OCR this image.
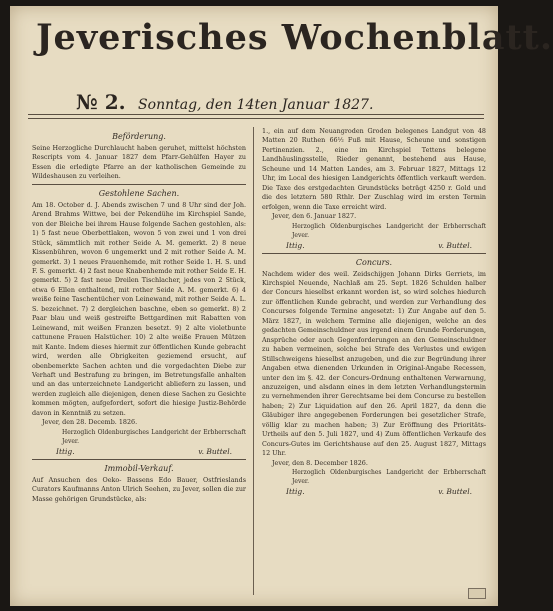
Jeverisches Wochenblatt.
№ 2. Sonntag, den 14ten Januar 1827.
Beförderung.

Seine Herzogliche Durchlaucht haben geruhet, mittelst höchsten Rescripts vom 4. Januar 1827 dem Pfarr-Gehülfen Hayer zu Essen die erledigte Pfarre an der katholischen Gemeinde zu Wildeshausen zu verleihen.

Gestohlene Sachen.

Am 18. October d. J. Abends zwischen 7 und 8 Uhr sind der Joh. Arend Brahms Wittwe, bei der Pekendühe im Kirchspiel Sande, von der Bleiche bei ihrem Hause folgende Sachen gestohlen, als: 1) 5 fast neue Oberbettlaken, wovon 5 von zwei und 1 von drei Stück, sämmtlich mit rother Seide A. M. gemerkt. 2) 8 neue Kissenbühren, wovon 6 ungemerkt und 2 mit rother Seide A. M. gemerkt. 3) 1 neues Frauenhemde, mit rother Seide 1. H. S. und F. S. gemerkt. 4) 2 fast neue Knabenhemde mit rother Seide E. H. gemerkt. 5) 2 fast neue Dreilen Tischlacher, jedes von 2 Stück, etwa 6 Ellen enthaltend, mit rother Seide A. M. gemerkt. 6) 4 weiße feine Taschentücher von Leinewand, mit rother Seide A. L. S. bezeichnet. 7) 2 dergleichen baschne, eben so gemerkt. 8) 2 Paar blau und weiß gestreifte Bettgardinen mit Rabatten von Leinewand, mit weißen Franzen besetzt. 9) 2 alte violetbunte cattunene Frauen Halstücher. 10) 2 alte weiße Frauen Mützen mit Kante. Indem dieses hiermit zur öffentlichen Kunde gebracht wird, werden alle Obrigkeiten geziemend ersucht, auf obenbemerkte Sachen achten und die vorgedachten Diebe zur Verhaft und Bestrafung zu bringen, im Betretungsfalle anhalten und an das unterzeichnete Landgericht abliefern zu lassen, und werden zugleich alle diejenigen, denen diese Sachen zu Gesichte kommen mögten, aufgefordert, sofort die hiesige Justiz-Behörde davon in Kenntniß zu setzen.

Jever, den 28. Decemb. 1826.

Herzoglich Oldenburgisches Landgericht der Erbherrschaft Jever.

Ittig.	v. Buttel.
Immobil-Verkauf.

Auf Ansuchen des Oeko- Bassens Edo Bauer, Ostfrieslands Curators Kaufmanns Anton Ulrich Seehen, zu Jever, sollen die zur Masse gehörigen Grundstücke, als:

1., ein auf dem Neuangroden Groden belegenes Landgut von 48 Matten 20 Ruthen 66½ Fuß mit Hause, Scheune und sonstigen Pertinenzien. 2., eine im Kirchspiel Tettens belegene Landhäuslingsstelle, Rieder genannt, bestehend aus Hause, Scheune und 14 Matten Landes, am 3. Februar 1827, Mittags 12 Uhr, im Local des hiesigen Landgerichts öffentlich verkauft werden. Die Taxe des erstgedachten Grundstücks beträgt 4250 r. Gold und die des letztern 580 Rthlr. Der Zuschlag wird im ersten Termin erfolgen, wenn die Taxe erreicht wird.

Jever, den 6. Januar 1827.

Herzoglich Oldenburgisches Landgericht der Erbherrschaft Jever.

Ittig.	v. Buttel.
Concurs.

Nachdem wider des weil. Zeidschijgen Johann Dirks Gerriets, im Kirchspiel Neuende, Nachlaß am 25. Sept. 1826 Schulden halber der Concurs hieselbst erkannt worden ist, so wird solches hiedurch zur öffentlichen Kunde gebracht, und werden zur Verhandlung des Concurses folgende Termine angesetzt: 1) Zur Angabe auf den 5. März 1827, in welchem Termine alle diejenigen, welche an des gedachten Gemeinschuldner aus irgend einem Grunde Forderungen, Ansprüche oder auch Gegenforderungen an den Gemeinschuldner zu haben vermeinen, solche bei Strafe des Verlustes und ewigen Stillschweigens hieselbst anzugeben, und die zur Begründung ihrer Angaben etwa dienenden Urkunden in Original-Angabe Recessen, unter den im §. 42. der Concurs-Ordnung enthaltenen Verwarnung, anzuzeigen, und alsdann eines in dem letzten Verhandlungstermin zu vernehmenden ihrer Gerechtsame bei dem Concurse zu bestellen haben; 2) Zur Liquidation auf den 26. April 1827, da denn die Gläubiger ihre angegebenen Forderungen bei gesetzlicher Strafe, völlig klar zu machen haben; 3) Zur Eröffnung des Prioritäts-Urtheils auf den 5. Juli 1827, und 4) Zum öffentlichen Verkaufe des Concurs-Gutes im Gerichtshause auf den 25. August 1827, Mittags 12 Uhr.

Jever, den 8. December 1826.

Herzoglich Oldenburgisches Landgericht der Erbherrschaft Jever.

Ittig.	v. Buttel.
